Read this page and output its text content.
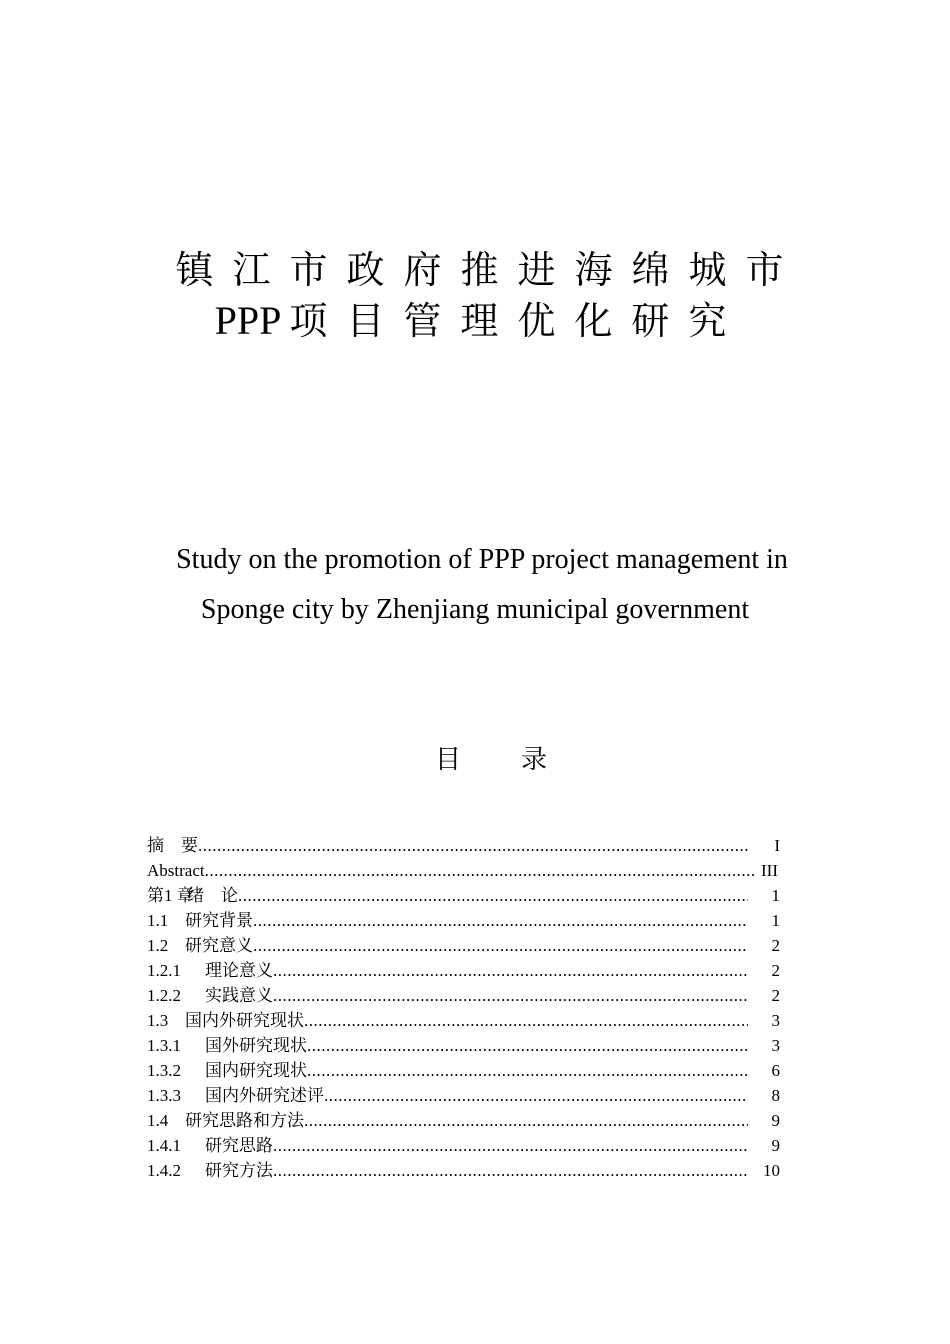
镇江市政府推进海绵城市
PPP 项目管理优化研究
Study on the promotion of PPP project management in
Sponge city by Zhenjiang municipal government
目录
摘　要 .....	I
Abstract .....	III
第1 章绪　论 .....	1
1.1 研究背景 .....	1
1.2 研究意义 .....	2
1.2.1 理论意义 .....	2
1.2.2 实践意义 .....	2
1.3 国内外研究现状 .....	3
1.3.1 国外研究现状 .....	3
1.3.2 国内研究现状 .....	6
1.3.3 国内外研究述评 .....	8
1.4 研究思路和方法 .....	9
1.4.1 研究思路 .....	9
1.4.2 研究方法 .....	10
